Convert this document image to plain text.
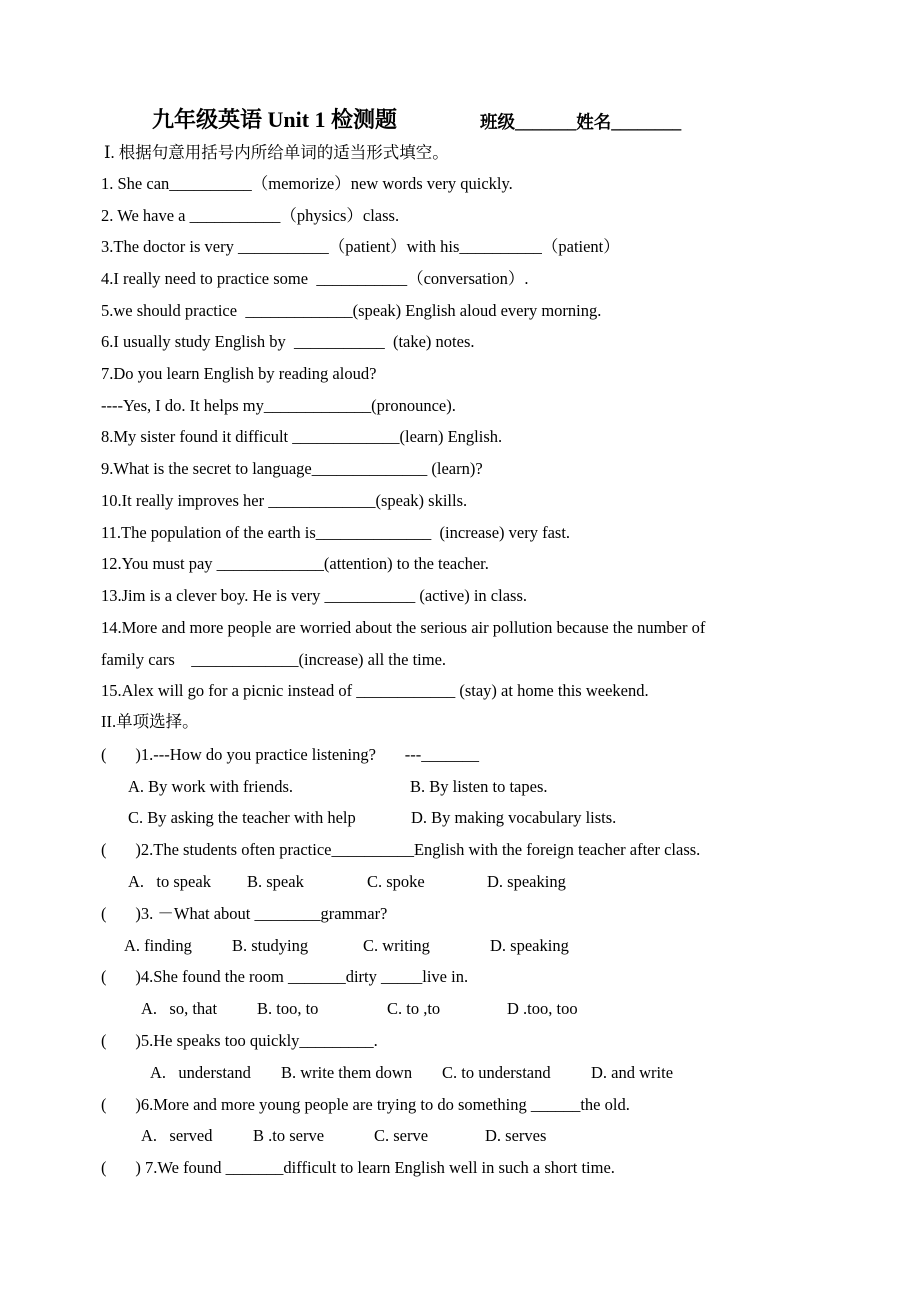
九年级英语 Unit 1 检测题	班级_______姓名________
Ⅰ. 根据句意用括号内所给单词的适当形式填空。
1. She can__________（memorize）new words very quickly.
2. We have a ___________（physics）class.
3.The doctor is very ___________（patient）with his__________（patient）
4.I really need to practice some  ___________（conversation）.
5.we should practice  _____________(speak) English aloud every morning.
6.I usually study English by  ___________  (take) notes.
7.Do you learn English by reading aloud?
----Yes, I do. It helps my_____________(pronounce).
8.My sister found it difficult _____________(learn) English.
9.What is the secret to language______________ (learn)?
10.It really improves her _____________(speak) skills.
11.The population of the earth is______________  (increase) very fast.
12.You must pay _____________(attention) to the teacher.
13.Jim is a clever boy. He is very ___________ (active) in class.
14.More and more people are worried about the serious air pollution because the number of
family cars    _____________(increase) all the time.
15.Alex will go for a picnic instead of ____________ (stay) at home this weekend.
II.单项选择。
(       )1.---How do you practice listening?       ---_______
A. By work with friends.	B. By listen to tapes.
C. By asking the teacher with help	D. By making vocabulary lists.
(       )2.The students often practice__________English with the foreign teacher after class.
A.   to speak B. speak	C. spoke	D. speaking
(       )3. －What about ________grammar?
A. finding B. studying	C. writing	D. speaking
(       )4.She found the room _______dirty _____live in.
A.   so, that B. too, to	C. to ,to	D .too, too
(       )5.He speaks too quickly_________.
A.   understand B. write them down C. to understand D. and write
(       )6.More and more young people are trying to do something ______the old.
A.   served B .to serve	C. serve	D. serves
(       ) 7.We found _______difficult to learn English well in such a short time.
